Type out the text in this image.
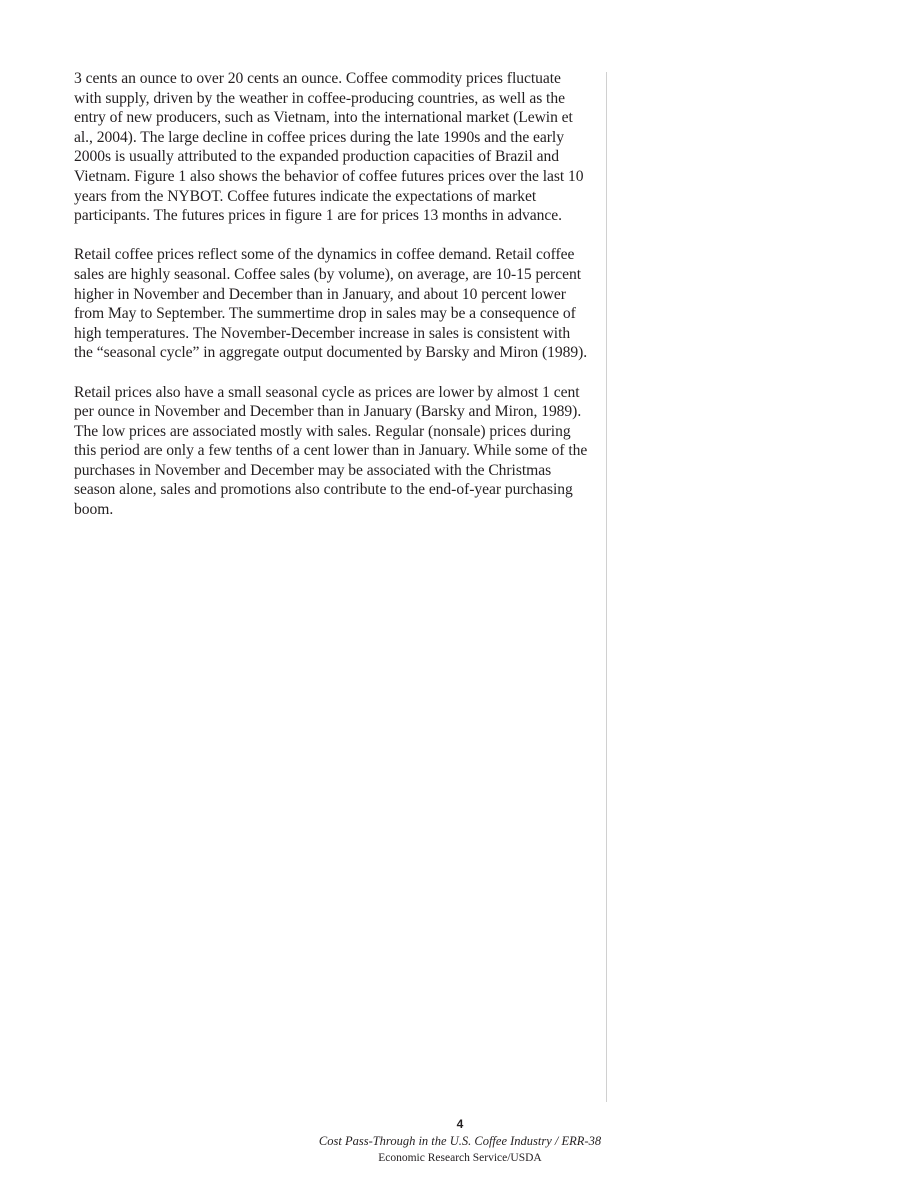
3 cents an ounce to over 20 cents an ounce. Coffee commodity prices fluctuate with supply, driven by the weather in coffee-producing countries, as well as the entry of new producers, such as Vietnam, into the international market (Lewin et al., 2004). The large decline in coffee prices during the late 1990s and the early 2000s is usually attributed to the expanded production capacities of Brazil and Vietnam. Figure 1 also shows the behavior of coffee futures prices over the last 10 years from the NYBOT. Coffee futures indicate the expectations of market participants. The futures prices in figure 1 are for prices 13 months in advance.

Retail coffee prices reflect some of the dynamics in coffee demand. Retail coffee sales are highly seasonal. Coffee sales (by volume), on average, are 10-15 percent higher in November and December than in January, and about 10 percent lower from May to September. The summertime drop in sales may be a consequence of high temperatures. The November-December increase in sales is consistent with the “seasonal cycle” in aggregate output documented by Barsky and Miron (1989).

Retail prices also have a small seasonal cycle as prices are lower by almost 1 cent per ounce in November and December than in January (Barsky and Miron, 1989). The low prices are associated mostly with sales. Regular (nonsale) prices during this period are only a few tenths of a cent lower than in January. While some of the purchases in November and December may be associated with the Christmas season alone, sales and promotions also contribute to the end-of-year purchasing boom.

4
Cost Pass-Through in the U.S. Coffee Industry / ERR-38
Economic Research Service/USDA
